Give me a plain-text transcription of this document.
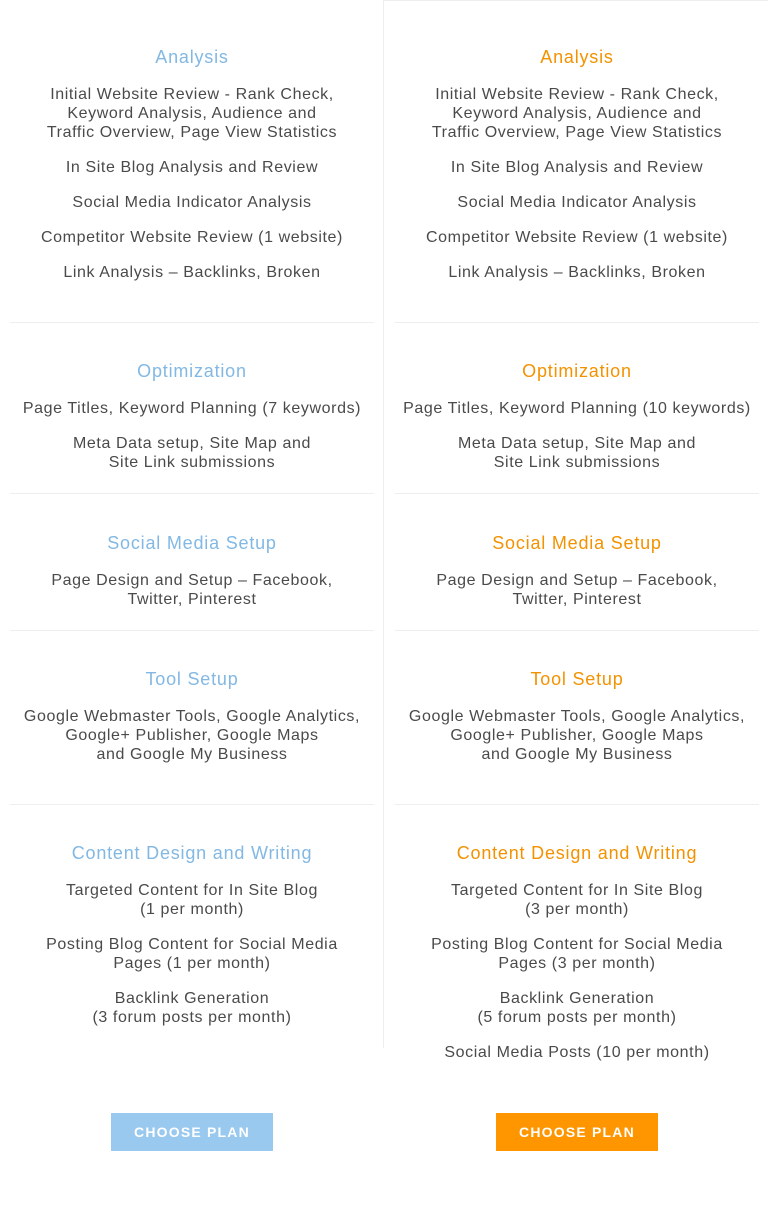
Analysis
Initial Website Review - Rank Check,
Keyword Analysis, Audience and
Traffic Overview, Page View Statistics
In Site Blog Analysis and Review
Social Media Indicator Analysis
Competitor Website Review (1 website)
Link Analysis – Backlinks, Broken
Optimization
Page Titles, Keyword Planning (7 keywords)
Meta Data setup, Site Map and
Site Link submissions
Social Media Setup
Page Design and Setup – Facebook,
Twitter, Pinterest
Tool Setup
Google Webmaster Tools, Google Analytics,
Google+ Publisher, Google Maps
and Google My Business
Content Design and Writing
Targeted Content for In Site Blog
(1 per month)
Posting Blog Content for Social Media
Pages (1 per month)
Backlink Generation
(3 forum posts per month)
CHOOSE PLAN
Analysis
Initial Website Review - Rank Check,
Keyword Analysis, Audience and
Traffic Overview, Page View Statistics
In Site Blog Analysis and Review
Social Media Indicator Analysis
Competitor Website Review (1 website)
Link Analysis – Backlinks, Broken
Optimization
Page Titles, Keyword Planning (10 keywords)
Meta Data setup, Site Map and
Site Link submissions
Social Media Setup
Page Design and Setup – Facebook,
Twitter, Pinterest
Tool Setup
Google Webmaster Tools, Google Analytics,
Google+ Publisher, Google Maps
and Google My Business
Content Design and Writing
Targeted Content for In Site Blog
(3 per month)
Posting Blog Content for Social Media
Pages (3 per month)
Backlink Generation
(5 forum posts per month)
Social Media Posts (10 per month)
CHOOSE PLAN
